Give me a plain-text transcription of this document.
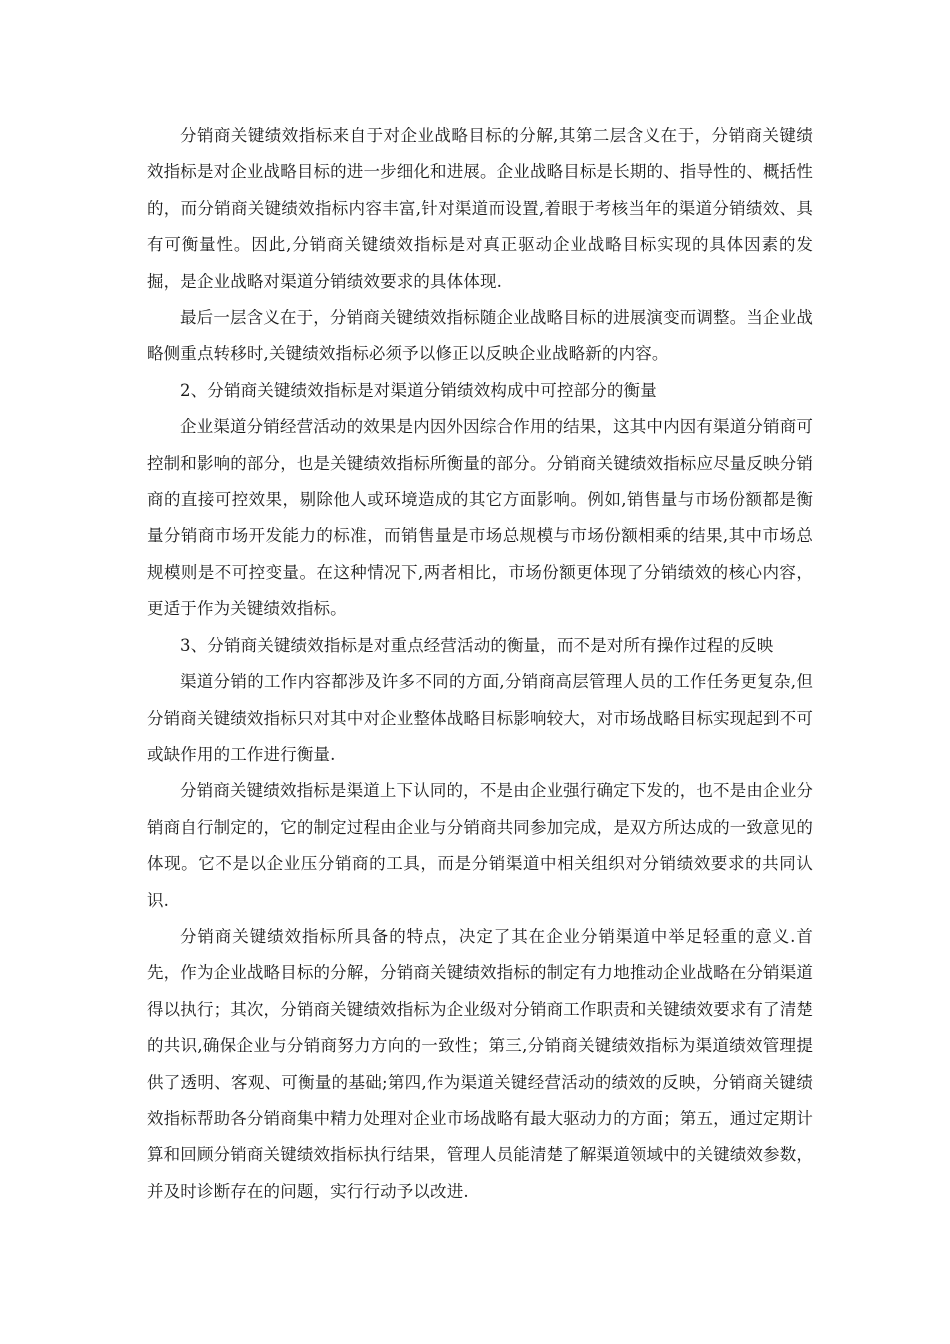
分销商关键绩效指标来自于对企业战略目标的分解,其第二层含义在于，分销商关键绩效指标是对企业战略目标的进一步细化和进展。企业战略目标是长期的、指导性的、概括性的，而分销商关键绩效指标内容丰富,针对渠道而设置,着眼于考核当年的渠道分销绩效、具有可衡量性。因此,分销商关键绩效指标是对真正驱动企业战略目标实现的具体因素的发掘，是企业战略对渠道分销绩效要求的具体体现.

最后一层含义在于，分销商关键绩效指标随企业战略目标的进展演变而调整。当企业战略侧重点转移时,关键绩效指标必须予以修正以反映企业战略新的内容。

2、分销商关键绩效指标是对渠道分销绩效构成中可控部分的衡量

企业渠道分销经营活动的效果是内因外因综合作用的结果，这其中内因有渠道分销商可控制和影响的部分，也是关键绩效指标所衡量的部分。分销商关键绩效指标应尽量反映分销商的直接可控效果，剔除他人或环境造成的其它方面影响。例如,销售量与市场份额都是衡量分销商市场开发能力的标准，而销售量是市场总规模与市场份额相乘的结果,其中市场总规模则是不可控变量。在这种情况下,两者相比，市场份额更体现了分销绩效的核心内容，更适于作为关键绩效指标。

3、分销商关键绩效指标是对重点经营活动的衡量，而不是对所有操作过程的反映

渠道分销的工作内容都涉及许多不同的方面,分销商高层管理人员的工作任务更复杂,但分销商关键绩效指标只对其中对企业整体战略目标影响较大，对市场战略目标实现起到不可或缺作用的工作进行衡量.

分销商关键绩效指标是渠道上下认同的，不是由企业强行确定下发的，也不是由企业分销商自行制定的，它的制定过程由企业与分销商共同参加完成，是双方所达成的一致意见的体现。它不是以企业压分销商的工具，而是分销渠道中相关组织对分销绩效要求的共同认识.

分销商关键绩效指标所具备的特点，决定了其在企业分销渠道中举足轻重的意义.首先，作为企业战略目标的分解，分销商关键绩效指标的制定有力地推动企业战略在分销渠道得以执行；其次，分销商关键绩效指标为企业级对分销商工作职责和关键绩效要求有了清楚的共识,确保企业与分销商努力方向的一致性；第三,分销商关键绩效指标为渠道绩效管理提供了透明、客观、可衡量的基础;第四,作为渠道关键经营活动的绩效的反映，分销商关键绩效指标帮助各分销商集中精力处理对企业市场战略有最大驱动力的方面；第五，通过定期计算和回顾分销商关键绩效指标执行结果，管理人员能清楚了解渠道领域中的关键绩效参数，并及时诊断存在的问题，实行行动予以改进.
